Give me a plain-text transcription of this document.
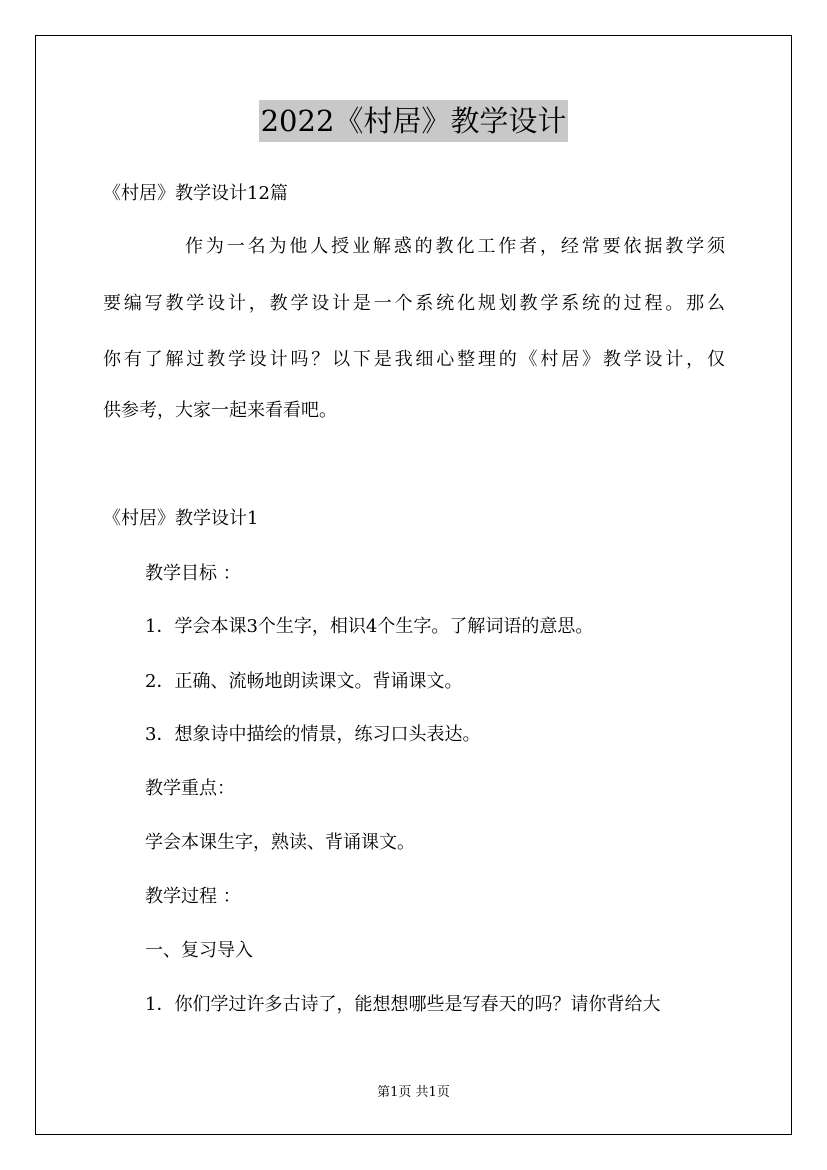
2022《村居》教学设计
《村居》教学设计12篇
作为一名为他人授业解惑的教化工作者，经常要依据教学须
要编写教学设计，教学设计是一个系统化规划教学系统的过程。那么
你有了解过教学设计吗？以下是我细心整理的《村居》教学设计，仅
供参考，大家一起来看看吧。
《村居》教学设计1
教学目标 ：
1．学会本课3个生字，相识4个生字。了解词语的意思。
2．正确、流畅地朗读课文。背诵课文。
3．想象诗中描绘的情景，练习口头表达。
教学重点：
学会本课生字，熟读、背诵课文。
教学过程 ：
一、复习导入
1．你们学过许多古诗了，能想想哪些是写春天的吗？请你背给大
第1页 共1页
